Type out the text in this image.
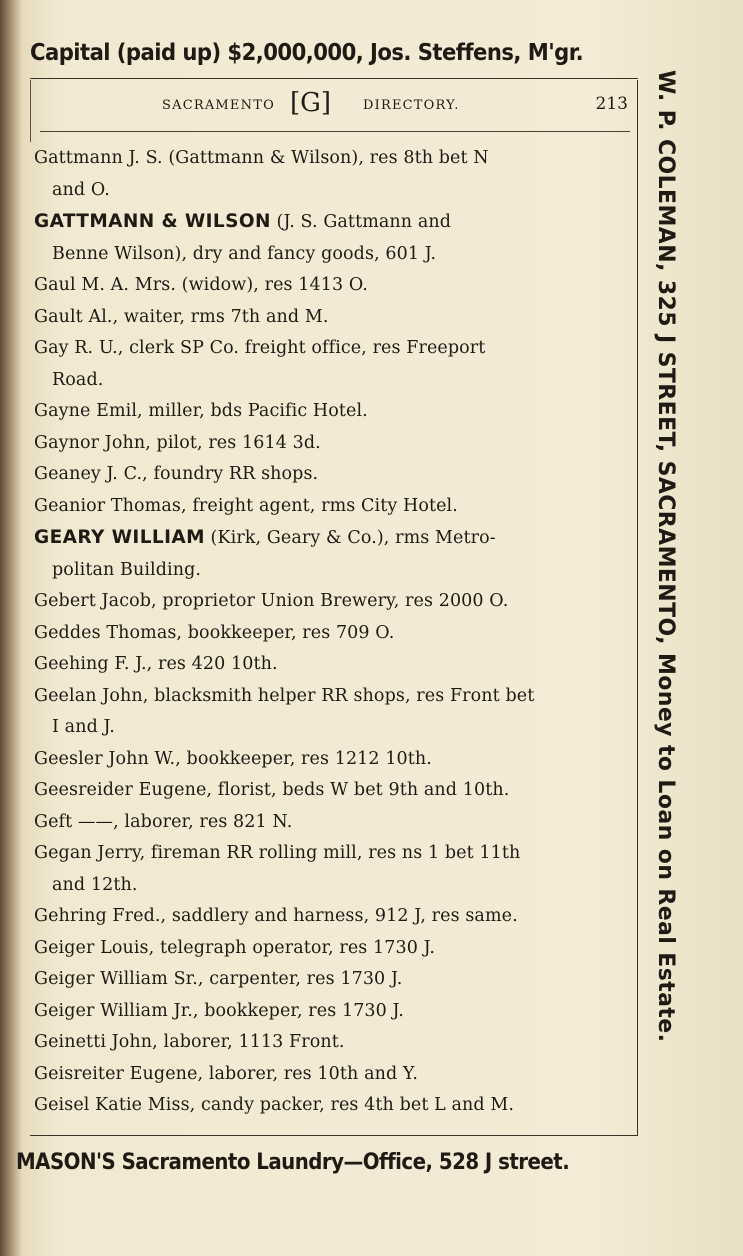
Capital (paid up) $2,000,000, Jos. Steffens, M'gr.
SACRAMENTO [G] DIRECTORY.	213
Gattmann J. S. (Gattmann & Wilson), res 8th bet N
and O.
GATTMANN & WILSON (J. S. Gattmann and
Benne Wilson), dry and fancy goods, 601 J.
Gaul M. A. Mrs. (widow), res 1413 O.
Gault Al., waiter, rms 7th and M.
Gay R. U., clerk SP Co. freight office, res Freeport
Road.
Gayne Emil, miller, bds Pacific Hotel.
Gaynor John, pilot, res 1614 3d.
Geaney J. C., foundry RR shops.
Geanior Thomas, freight agent, rms City Hotel.
GEARY WILLIAM (Kirk, Geary & Co.), rms Metro-
politan Building.
Gebert Jacob, proprietor Union Brewery, res 2000 O.
Geddes Thomas, bookkeeper, res 709 O.
Geehing F. J., res 420 10th.
Geelan John, blacksmith helper RR shops, res Front bet
I and J.
Geesler John W., bookkeeper, res 1212 10th.
Geesreider Eugene, florist, beds W bet 9th and 10th.
Geft ——, laborer, res 821 N.
Gegan Jerry, fireman RR rolling mill, res ns 1 bet 11th
and 12th.
Gehring Fred., saddlery and harness, 912 J, res same.
Geiger Louis, telegraph operator, res 1730 J.
Geiger William Sr., carpenter, res 1730 J.
Geiger William Jr., bookkeper, res 1730 J.
Geinetti John, laborer, 1113 Front.
Geisreiter Eugene, laborer, res 10th and Y.
Geisel Katie Miss, candy packer, res 4th bet L and M.
W. P. COLEMAN, 325 J STREET, SACRAMENTO, Money to Loan on Real Estate.
MASON'S Sacramento Laundry—Office, 528 J street.
